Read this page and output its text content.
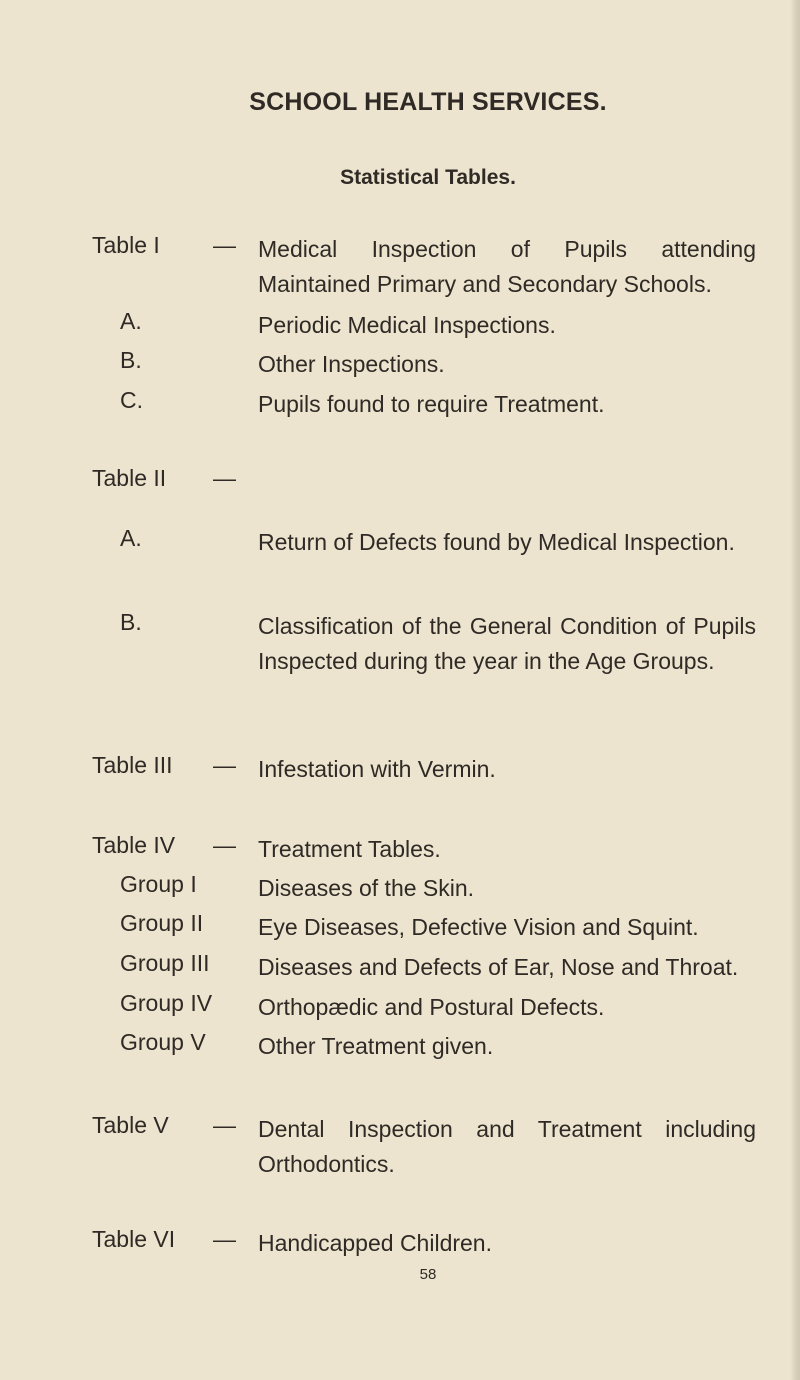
SCHOOL HEALTH SERVICES.
Statistical Tables.
Table I — Medical Inspection of Pupils attending Maintained Primary and Secondary Schools.
A.	Periodic Medical Inspections.
B.	Other Inspections.
C.	Pupils found to require Treatment.
Table II —
A.	Return of Defects found by Medical Inspection.
B.	Classification of the General Condition of Pupils Inspected during the year in the Age Groups.
Table III — Infestation with Vermin.
Table IV — Treatment Tables.
Group I	Diseases of the Skin.
Group II Eye Diseases, Defective Vision and Squint.
Group III Diseases and Defects of Ear, Nose and Throat.
Group IV Orthopædic and Postural Defects.
Group V Other Treatment given.
Table V — Dental Inspection and Treatment including Orthodontics.
Table VI — Handicapped Children.
58
